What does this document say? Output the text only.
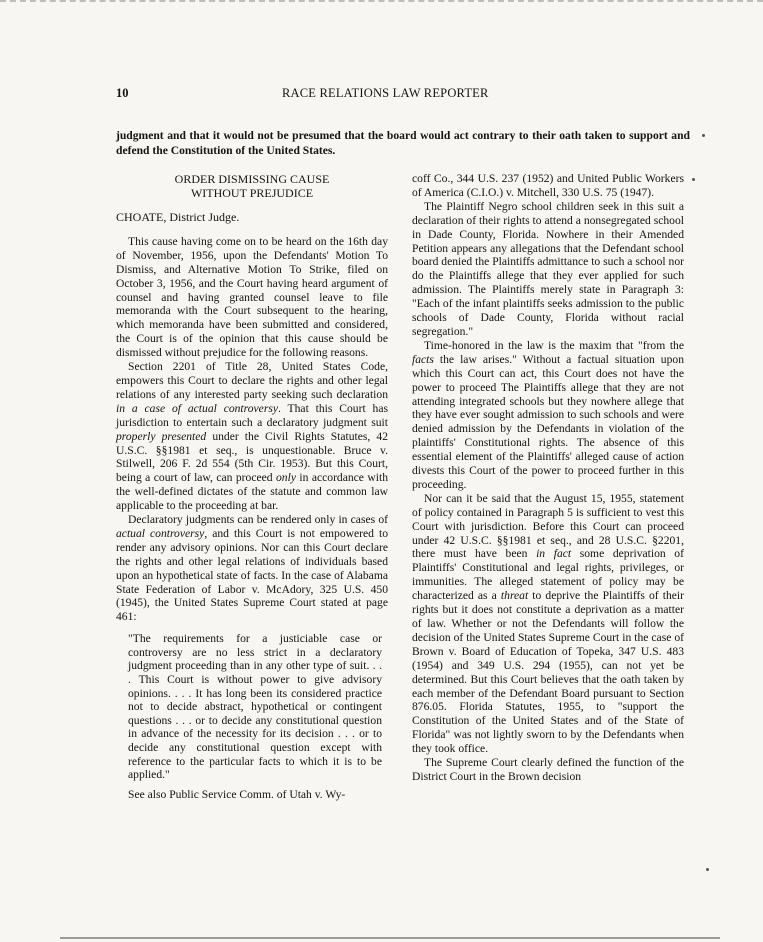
10	RACE RELATIONS LAW REPORTER
judgment and that it would not be presumed that the board would act contrary to their oath taken to support and defend the Constitution of the United States.
ORDER DISMISSING CAUSE
WITHOUT PREJUDICE
CHOATE, District Judge.

This cause having come on to be heard on the 16th day of November, 1956, upon the Defendants' Motion To Dismiss, and Alternative Motion To Strike, filed on October 3, 1956, and the Court having heard argument of counsel and having granted counsel leave to file memoranda with the Court subsequent to the hearing, which memoranda have been submitted and considered, the Court is of the opinion that this cause should be dismissed without prejudice for the following reasons.

Section 2201 of Title 28, United States Code, empowers this Court to declare the rights and other legal relations of any interested party seeking such declaration in a case of actual controversy. That this Court has jurisdiction to entertain such a declaratory judgment suit properly presented under the Civil Rights Statutes, 42 U.S.C. §§1981 et seq., is unquestionable. Bruce v. Stilwell, 206 F. 2d 554 (5th Cir. 1953). But this Court, being a court of law, can proceed only in accordance with the well-defined dictates of the statute and common law applicable to the proceeding at bar.

Declaratory judgments can be rendered only in cases of actual controversy, and this Court is not empowered to render any advisory opinions. Nor can this Court declare the rights and other legal relations of individuals based upon an hypothetical state of facts. In the case of Alabama State Federation of Labor v. McAdory, 325 U.S. 450 (1945), the United States Supreme Court stated at page 461:

"The requirements for a justiciable case or controversy are no less strict in a declaratory judgment proceeding than in any other type of suit. . . . This Court is without power to give advisory opinions. . . . It has long been its considered practice not to decide abstract, hypothetical or contingent questions . . . or to decide any constitutional question in advance of the necessity for its decision . . . or to decide any constitutional question except with reference to the particular facts to which it is to be applied."

See also Public Service Comm. of Utah v. Wy-

coff Co., 344 U.S. 237 (1952) and United Public Workers of America (C.I.O.) v. Mitchell, 330 U.S. 75 (1947).

The Plaintiff Negro school children seek in this suit a declaration of their rights to attend a nonsegregated school in Dade County, Florida. Nowhere in their Amended Petition appears any allegations that the Defendant school board denied the Plaintiffs admittance to such a school nor do the Plaintiffs allege that they ever applied for such admission. The Plaintiffs merely state in Paragraph 3: "Each of the infant plaintiffs seeks admission to the public schools of Dade County, Florida without racial segregation."

Time-honored in the law is the maxim that "from the facts the law arises." Without a factual situation upon which this Court can act, this Court does not have the power to proceed The Plaintiffs allege that they are not attending integrated schools but they nowhere allege that they have ever sought admission to such schools and were denied admission by the Defendants in violation of the plaintiffs' Constitutional rights. The absence of this essential element of the Plaintiffs' alleged cause of action divests this Court of the power to proceed further in this proceeding.

Nor can it be said that the August 15, 1955, statement of policy contained in Paragraph 5 is sufficient to vest this Court with jurisdiction. Before this Court can proceed under 42 U.S.C. §§1981 et seq., and 28 U.S.C. §2201, there must have been in fact some deprivation of Plaintiffs' Constitutional and legal rights, privileges, or immunities. The alleged statement of policy may be characterized as a threat to deprive the Plaintiffs of their rights but it does not constitute a deprivation as a matter of law. Whether or not the Defendants will follow the decision of the United States Supreme Court in the case of Brown v. Board of Education of Topeka, 347 U.S. 483 (1954) and 349 U.S. 294 (1955), can not yet be determined. But this Court believes that the oath taken by each member of the Defendant Board pursuant to Section 876.05. Florida Statutes, 1955, to "support the Constitution of the United States and of the State of Florida" was not lightly sworn to by the Defendants when they took office.

The Supreme Court clearly defined the function of the District Court in the Brown decision
